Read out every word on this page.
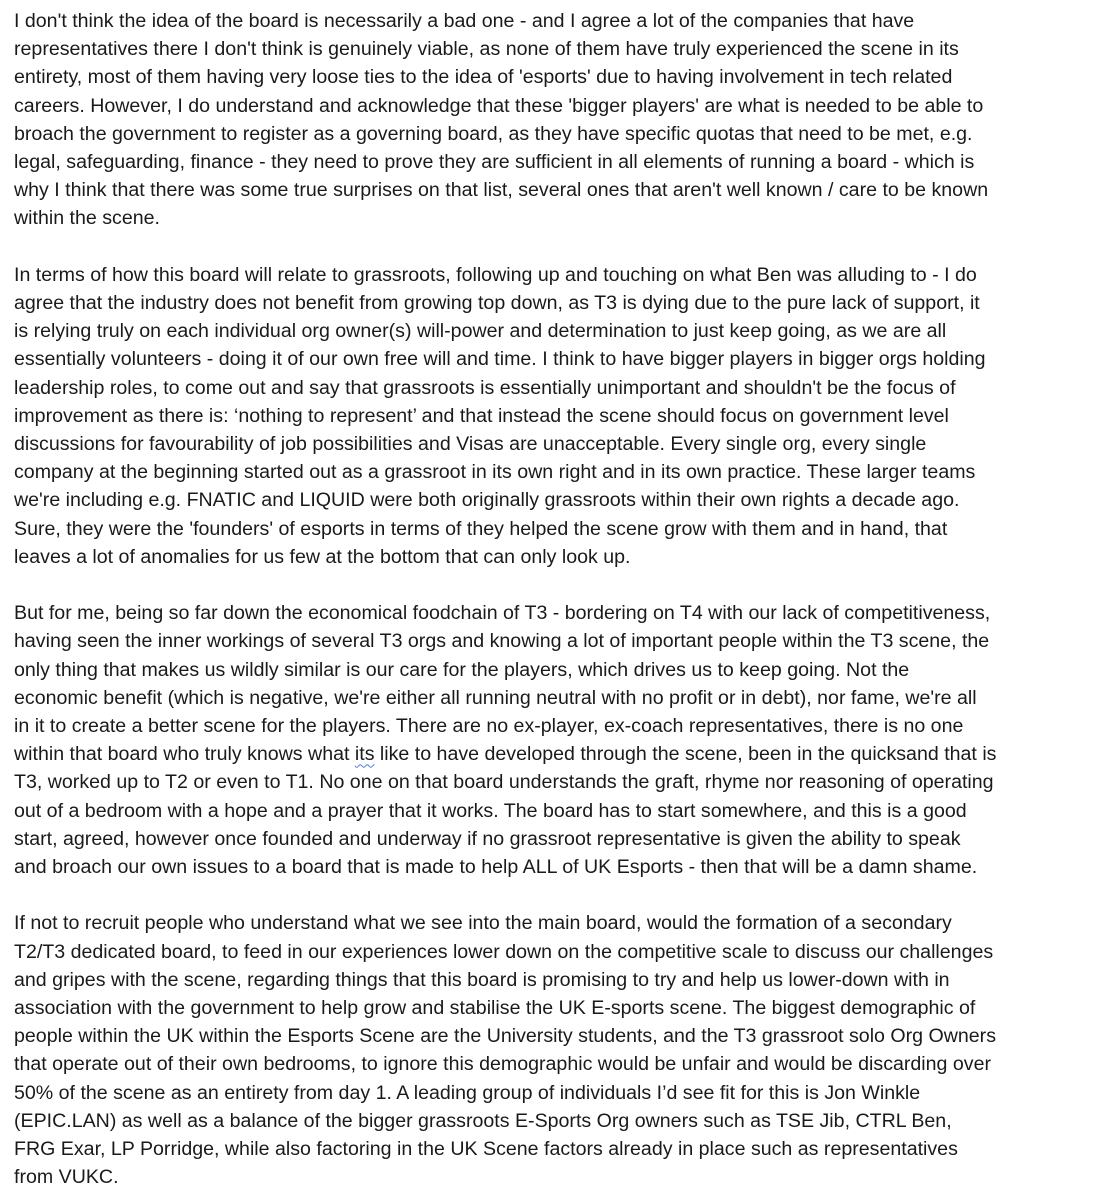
I don't think the idea of the board is necessarily a bad one - and I agree a lot of the companies that have
representatives there I don't think is genuinely viable, as none of them have truly experienced the scene in its
entirety, most of them having very loose ties to the idea of 'esports' due to having involvement in tech related
careers. However, I do understand and acknowledge that these 'bigger players' are what is needed to be able to
broach the government to register as a governing board, as they have specific quotas that need to be met, e.g.
legal, safeguarding, finance - they need to prove they are sufficient in all elements of running a board - which is
why I think that there was some true surprises on that list, several ones that aren't well known / care to be known
within the scene.

In terms of how this board will relate to grassroots, following up and touching on what Ben was alluding to - I do
agree that the industry does not benefit from growing top down, as T3 is dying due to the pure lack of support, it
is relying truly on each individual org owner(s) will-power and determination to just keep going, as we are all
essentially volunteers - doing it of our own free will and time. I think to have bigger players in bigger orgs holding
leadership roles, to come out and say that grassroots is essentially unimportant and shouldn't be the focus of
improvement as there is: ‘nothing to represent’ and that instead the scene should focus on government level
discussions for favourability of job possibilities and Visas are unacceptable. Every single org, every single
company at the beginning started out as a grassroot in its own right and in its own practice. These larger teams
we're including e.g. FNATIC and LIQUID were both originally grassroots within their own rights a decade ago.
Sure, they were the 'founders' of esports in terms of they helped the scene grow with them and in hand, that
leaves a lot of anomalies for us few at the bottom that can only look up.

But for me, being so far down the economical foodchain of T3 - bordering on T4 with our lack of competitiveness,
having seen the inner workings of several T3 orgs and knowing a lot of important people within the T3 scene, the
only thing that makes us wildly similar is our care for the players, which drives us to keep going. Not the
economic benefit (which is negative, we're either all running neutral with no profit or in debt), nor fame, we're all
in it to create a better scene for the players. There are no ex-player, ex-coach representatives, there is no one
within that board who truly knows what its like to have developed through the scene, been in the quicksand that is
T3, worked up to T2 or even to T1. No one on that board understands the graft, rhyme nor reasoning of operating
out of a bedroom with a hope and a prayer that it works. The board has to start somewhere, and this is a good
start, agreed, however once founded and underway if no grassroot representative is given the ability to speak
and broach our own issues to a board that is made to help ALL of UK Esports - then that will be a damn shame.

If not to recruit people who understand what we see into the main board, would the formation of a secondary
T2/T3 dedicated board, to feed in our experiences lower down on the competitive scale to discuss our challenges
and gripes with the scene, regarding things that this board is promising to try and help us lower-down with in
association with the government to help grow and stabilise the UK E-sports scene. The biggest demographic of
people within the UK within the Esports Scene are the University students, and the T3 grassroot solo Org Owners
that operate out of their own bedrooms, to ignore this demographic would be unfair and would be discarding over
50% of the scene as an entirety from day 1. A leading group of individuals I’d see fit for this is Jon Winkle
(EPIC.LAN) as well as a balance of the bigger grassroots E-Sports Org owners such as TSE Jib, CTRL Ben,
FRG Exar, LP Porridge, while also factoring in the UK Scene factors already in place such as representatives
from VUKC.
